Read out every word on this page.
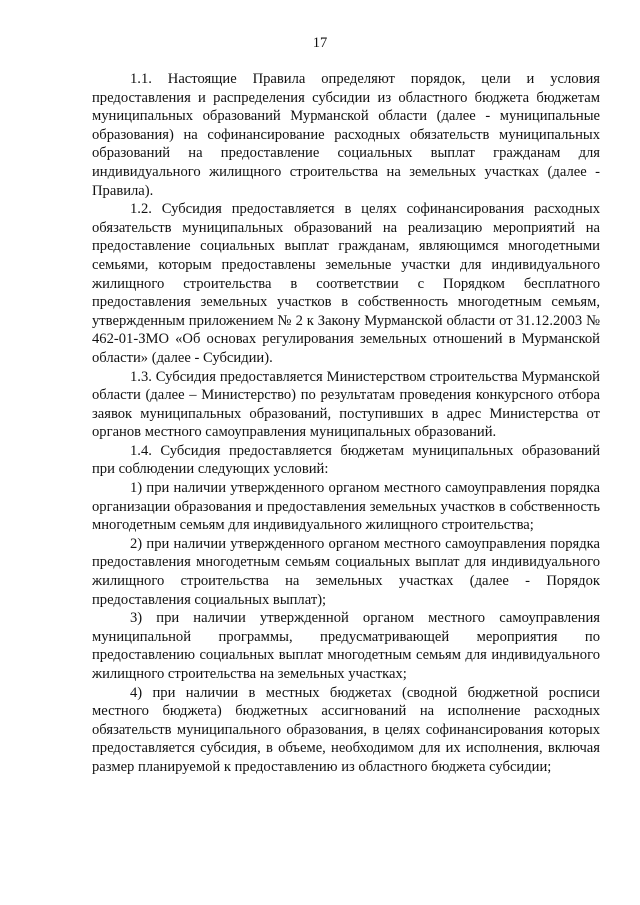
17

1.1. Настоящие Правила определяют порядок, цели и условия предоставления и распределения субсидии из областного бюджета бюджетам муниципальных образований Мурманской области (далее - муниципальные образования) на софинансирование расходных обязательств муниципальных образований на предоставление социальных выплат гражданам для индивидуального жилищного строительства на земельных участках (далее - Правила).

1.2. Субсидия предоставляется в целях софинансирования расходных обязательств муниципальных образований на реализацию мероприятий на предоставление социальных выплат гражданам, являющимся многодетными семьями, которым предоставлены земельные участки для индивидуального жилищного строительства в соответствии с Порядком бесплатного предоставления земельных участков в собственность многодетным семьям, утвержденным приложением № 2 к Закону Мурманской области от 31.12.2003 № 462-01-ЗМО «Об основах регулирования земельных отношений в Мурманской области» (далее - Субсидии).

1.3. Субсидия предоставляется Министерством строительства Мурманской области (далее – Министерство) по результатам проведения конкурсного отбора заявок муниципальных образований, поступивших в адрес Министерства от органов местного самоуправления муниципальных образований.

1.4. Субсидия предоставляется бюджетам муниципальных образований при соблюдении следующих условий:

1) при наличии утвержденного органом местного самоуправления порядка организации образования и предоставления земельных участков в собственность многодетным семьям для индивидуального жилищного строительства;

2) при наличии утвержденного органом местного самоуправления порядка предоставления многодетным семьям социальных выплат для индивидуального жилищного строительства на земельных участках (далее - Порядок предоставления социальных выплат);

3) при наличии утвержденной органом местного самоуправления муниципальной программы, предусматривающей мероприятия по предоставлению социальных выплат многодетным семьям для индивидуального жилищного строительства на земельных участках;

4) при наличии в местных бюджетах (сводной бюджетной росписи местного бюджета) бюджетных ассигнований на исполнение расходных обязательств муниципального образования, в целях софинансирования которых предоставляется субсидия, в объеме, необходимом для их исполнения, включая размер планируемой к предоставлению из областного бюджета субсидии;
